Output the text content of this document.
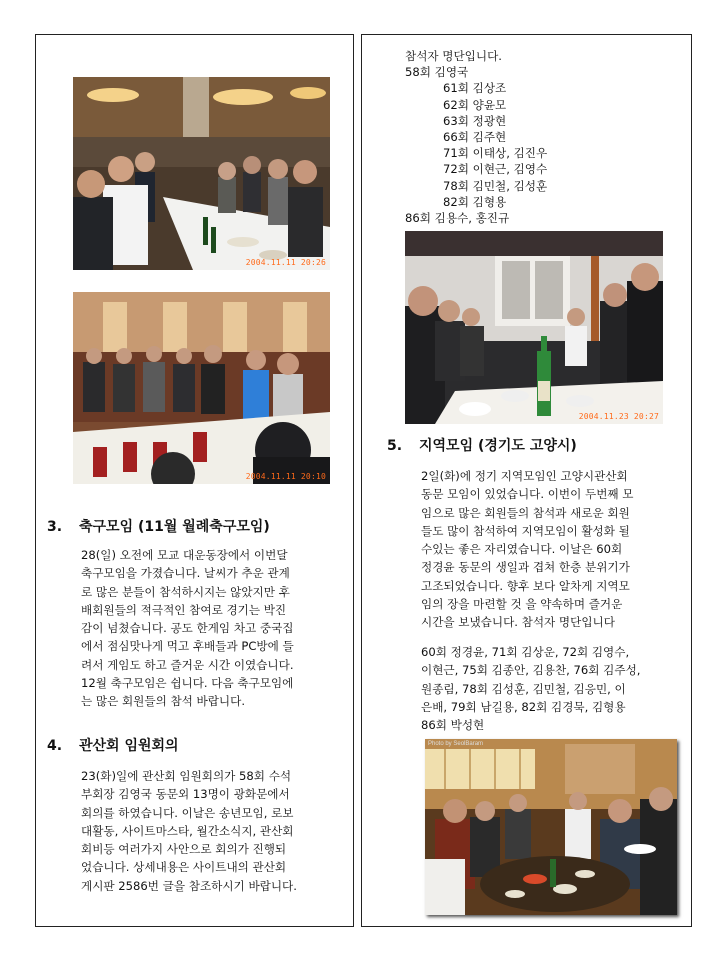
2004.11.11 20:26
2004.11.11 20:10
3. 축구모임 (11월 월례축구모임)
28(일) 오전에 모교 대운동장에서 이번달
축구모임을 가졌습니다. 날씨가 추운 관계
로 많은 분들이 참석하시지는 않았지만 후
배회원들의 적극적인 참여로 경기는 박진
감이 넘쳤습니다. 공도 한게임 차고 중국집
에서 점심맛나게 먹고 후배들과 PC방에 들
려서 게임도 하고 즐거운 시간 이였습니다.
12월 축구모임은 쉽니다. 다음 축구모임에
는 많은 회원들의 참석 바랍니다.
4. 관산회 임원회의
23(화)일에 관산회 임원회의가 58회 수석
부회장 김영국 동문외 13명이 광화문에서
회의를 하였습니다. 이날은 송년모임, 로보
대활동, 사이트마스타, 월간소식지, 관산회
회비등 여러가지 사안으로 회의가 진행되
었습니다. 상세내용은 사이트내의 관산회
게시판 2586번 글을 참조하시기 바랍니다.
참석자 명단입니다.
58회 김영국
61회 김상조
62회 양윤모
63회 정광현
66회 김주현
71회 이태상, 김진우
72회 이현근, 김영수
78회 김민철, 김성훈
82회 김형용
86회 김용수, 홍진규
2004.11.23 20:27
5. 지역모임 (경기도 고양시)
2일(화)에 정기 지역모임인 고양시관산회
동문 모임이 있었습니다. 이번이 두번째 모
임으로 많은 회원들의 참석과 새로운 회원
들도 많이 참석하여 지역모임이 활성화 될
수있는 좋은 자리였습니다. 이날은 60회
정경윤 동문의 생일과 겹쳐 한층 분위기가
고조되었습니다. 향후 보다 알차게 지역모
임의 장을 마련할 것 을 약속하며 즐거운
시간을 보냈습니다. 참석자 명단입니다
60회 정경윤, 71회 김상운, 72회 김영수,
이현근, 75회 김종안, 김용찬, 76회 김주성,
원종림, 78회 김성훈, 김민철, 김응민, 이
은배, 79회 남길용, 82회 김경묵, 김형용
86회 박성현
Photo by SeolBaram
